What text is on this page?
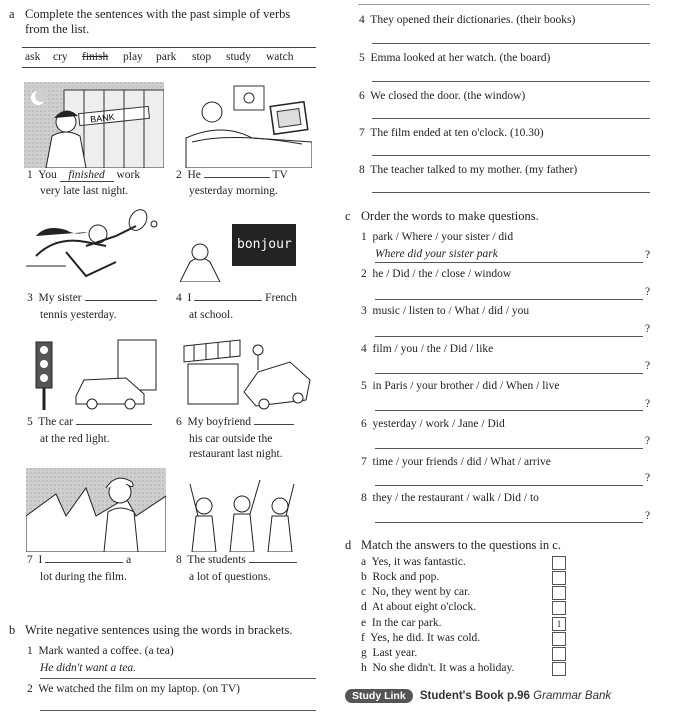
a Complete the sentences with the past simple of verbs
from the list.
ask cry finish play park stop study watch
BANK
1 You finished work
very late last night.
2 He	TV
yesterday morning.
bonjour
3 My sister
tennis yesterday.
4 I	French
at school.
5 The car
at the red light.
6 My boyfriend
his car outside the
restaurant last night.
7 I	a
lot during the film.
8 The students
a lot of questions.
b Write negative sentences using the words in brackets.
1 Mark wanted a coffee. (a tea)
He didn't want a tea.
2 We watched the film on my laptop. (on TV)
4 They opened their dictionaries. (their books)
5 Emma looked at her watch. (the board)
6 We closed the door. (the window)
7 The film ended at ten o'clock. (10.30)
8 The teacher talked to my mother. (my father)
c Order the words to make questions.
1 park / Where / your sister / did
Where did your sister park	?
2 he / Did / the / close / window
?
3 music / listen to / What / did / you
?
4 film / you / the / Did / like
?
5 in Paris / your brother / did / When / live
?
6 yesterday / work / Jane / Did
?
7 time / your friends / did / What / arrive
?
8 they / the restaurant / walk / Did / to
?
d Match the answers to the questions in c.
a Yes, it was fantastic.
b Rock and pop.
c No, they went by car.
d At about eight o'clock.
e In the car park.	1
f Yes, he did. It was cold.
g Last year.
h No she didn't. It was a holiday.
Study Link Student's Book p.96 Grammar Bank
